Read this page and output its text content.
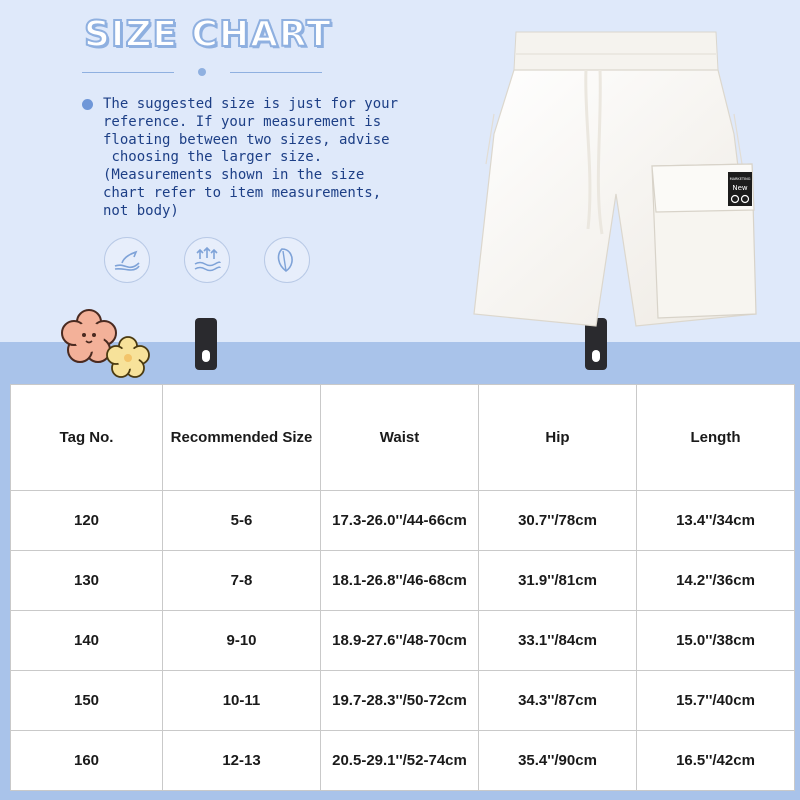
SIZE CHART
The suggested size is just for your
reference. If your measurement is
floating between two sizes, advise
choosing the larger size.
(Measurements shown in the size
chart refer to item measurements,
not body)
MARKETING
New
Tag No.	Recommended Size	Waist	Hip	Length
120	5-6	17.3-26.0''/44-66cm	30.7''/78cm	13.4''/34cm
130	7-8	18.1-26.8''/46-68cm	31.9''/81cm	14.2''/36cm
140	9-10	18.9-27.6''/48-70cm	33.1''/84cm	15.0''/38cm
150	10-11	19.7-28.3''/50-72cm	34.3''/87cm	15.7''/40cm
160	12-13	20.5-29.1''/52-74cm	35.4''/90cm	16.5''/42cm
